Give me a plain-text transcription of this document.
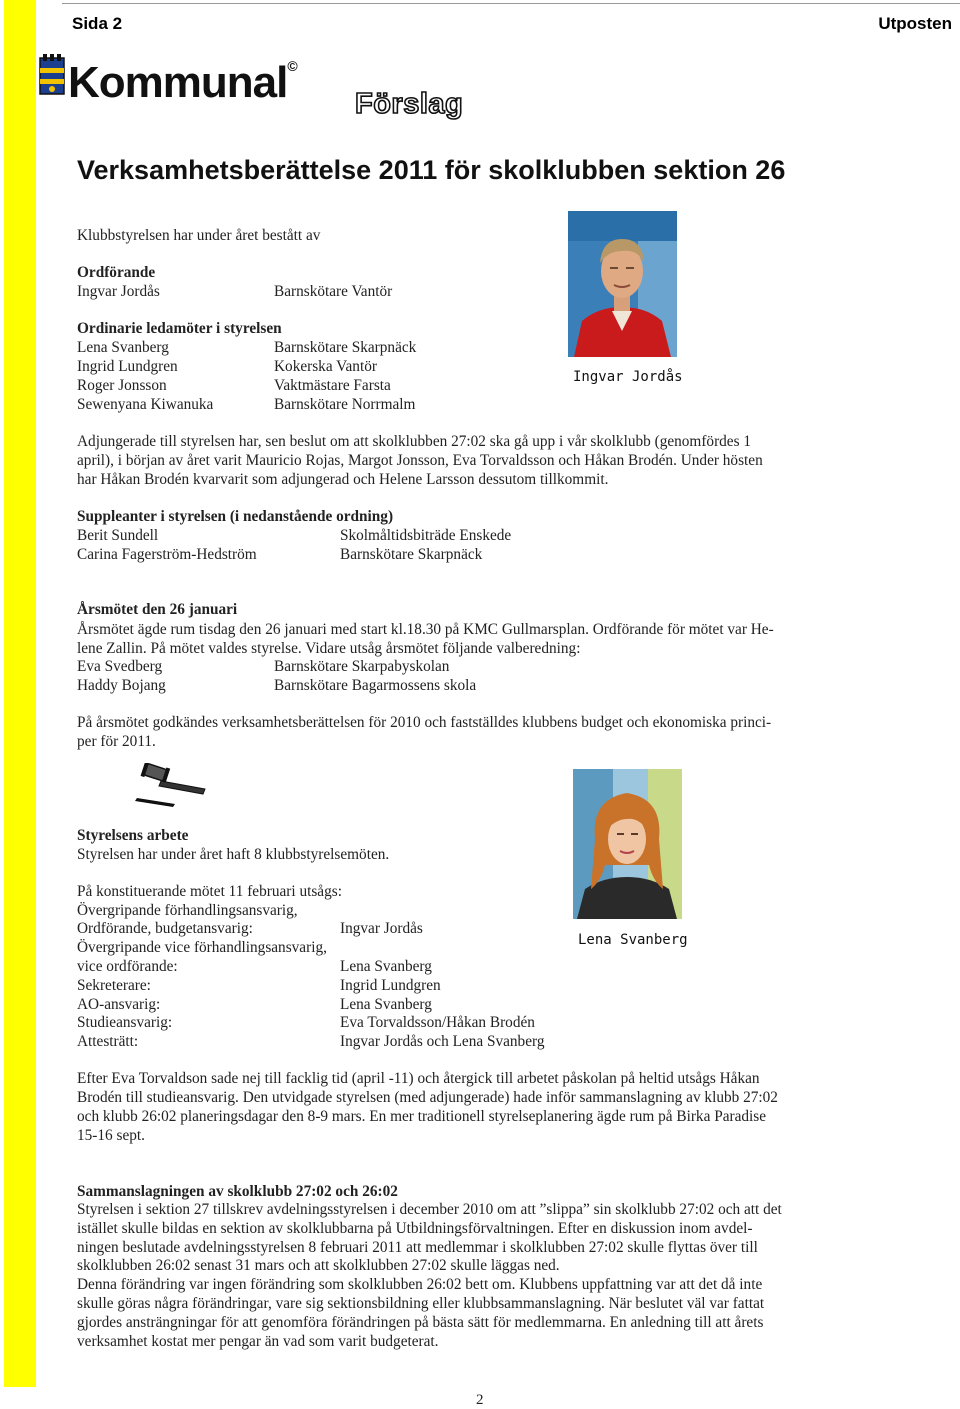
Sida 2	Utposten
Kommunal©
Förslag
Verksamhetsberättelse 2011 för skolklubben sektion 26
Klubbstyrelsen har under året bestått av
Ordförande
Ingvar Jordås	Barnskötare Vantör
Ordinarie ledamöter i styrelsen
Lena Svanberg	Barnskötare Skarpnäck
Ingrid Lundgren	Kokerska Vantör
Roger Jonsson	Vaktmästare Farsta
Sewenyana Kiwanuka	Barnskötare Norrmalm
Ingvar Jordås
Adjungerade till styrelsen har, sen beslut om att skolklubben 27:02 ska gå upp i vår skolklubb (genomfördes 1
april), i början av året varit Mauricio Rojas, Margot Jonsson, Eva Torvaldsson och Håkan Brodén. Under hösten
har Håkan Brodén kvarvarit som adjungerad och Helene Larsson dessutom tillkommit.
Suppleanter i styrelsen (i nedanstående ordning)
Berit Sundell	Skolmåltidsbiträde Enskede
Carina Fagerström-Hedström	Barnskötare Skarpnäck
Årsmötet den 26 januari
Årsmötet ägde rum tisdag den 26 januari med start kl.18.30 på KMC Gullmarsplan. Ordförande för mötet var He-
lene Zallin. På mötet valdes styrelse. Vidare utsåg årsmötet följande valberedning:
Eva Svedberg	Barnskötare Skarpabyskolan
Haddy Bojang	Barnskötare Bagarmossens skola
På årsmötet godkändes verksamhetsberättelsen för 2010 och fastställdes klubbens budget och ekonomiska princi-
per för 2011.
Styrelsens arbete
Styrelsen har under året haft 8 klubbstyrelsemöten.
På konstituerande mötet 11 februari utsågs:
Övergripande förhandlingsansvarig,
Ordförande, budgetansvarig:	Ingvar Jordås
Övergripande vice förhandlingsansvarig,
vice ordförande:	Lena Svanberg
Sekreterare:	Ingrid Lundgren
AO-ansvarig:	Lena Svanberg
Studieansvarig:	Eva Torvaldsson/Håkan Brodén
Attesträtt:	Ingvar Jordås och Lena Svanberg
Lena Svanberg
Efter Eva Torvaldson sade nej till facklig tid (april -11) och återgick till arbetet påskolan på heltid utsågs Håkan
Brodén till studieansvarig. Den utvidgade styrelsen (med adjungerade) hade inför sammanslagning av klubb 27:02
och klubb 26:02 planeringsdagar den 8-9 mars. En mer traditionell styrelseplanering ägde rum på Birka Paradise
15-16 sept.
Sammanslagningen av skolklubb 27:02 och 26:02
Styrelsen i sektion 27 tillskrev avdelningsstyrelsen i december 2010 om att ”slippa” sin skolklubb 27:02 och att det
istället skulle bildas en sektion av skolklubbarna på Utbildningsförvaltningen. Efter en diskussion inom avdel-
ningen beslutade avdelningsstyrelsen 8 februari 2011 att medlemmar i skolklubben 27:02 skulle flyttas över till
skolklubben 26:02 senast 31 mars och att skolklubben 27:02 skulle läggas ned.
Denna förändring var ingen förändring som skolklubben 26:02 bett om. Klubbens uppfattning var att det då inte
skulle göras några förändringar, vare sig sektionsbildning eller klubbsammanslagning. När beslutet väl var fattat
gjordes ansträngningar för att genomföra förändringen på bästa sätt för medlemmarna. En anledning till att årets
verksamhet kostat mer pengar än vad som varit budgeterat.
2
